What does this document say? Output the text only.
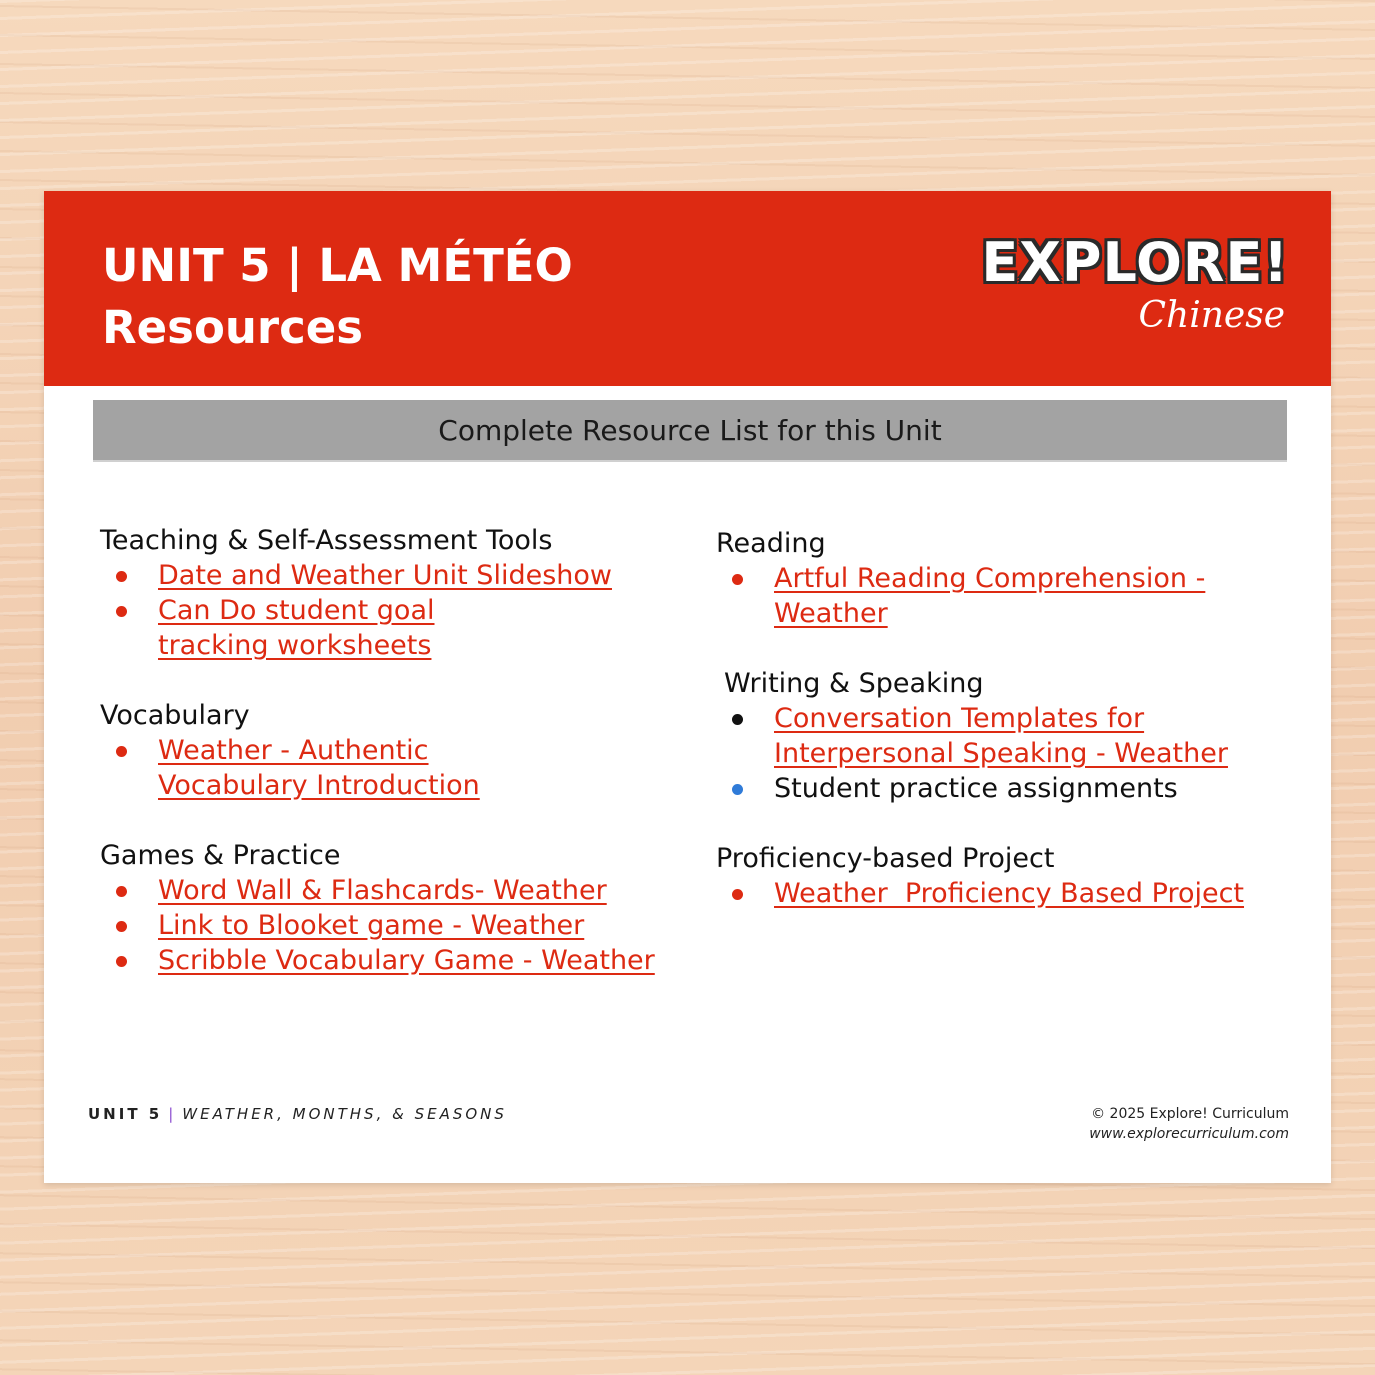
UNIT 5 | LA MÉTÉO
Resources
EXPLORE!
Chinese
Complete Resource List for this Unit
Teaching & Self-Assessment Tools
Date and Weather Unit Slideshow
Can Do student goal tracking worksheets
Vocabulary
Weather - Authentic Vocabulary Introduction
Games & Practice
Word Wall & Flashcards- Weather
Link to Blooket game - Weather
Scribble Vocabulary Game - Weather
Reading
Artful Reading Comprehension - Weather
Writing & Speaking
Conversation Templates for Interpersonal Speaking - Weather
Student practice assignments
Proficiency-based Project
Weather  Proficiency Based Project
UNIT 5 | WEATHER, MONTHS, & SEASONS	© 2025 Explore! Curriculum
www.explorecurriculum.com
